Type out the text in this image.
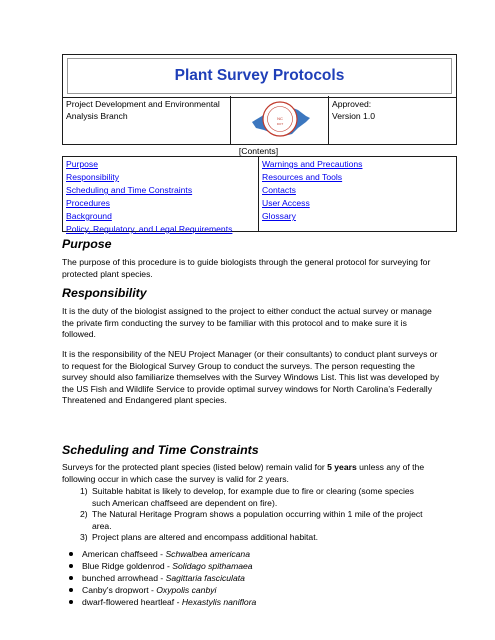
Plant Survey Protocols
Project Development and Environmental Analysis Branch	NC
DOT
Approved:
Version 1.0
[Contents]
Purpose
Responsibility
Scheduling and Time Constraints
Procedures
Background
Policy, Regulatory, and Legal Requirements
Warnings and Precautions
Resources and Tools
Contacts
User Access
Glossary
Purpose

The purpose of this procedure is to guide biologists through the general protocol for surveying for protected plant species.

Responsibility

It is the duty of the biologist assigned to the project to either conduct the actual survey or manage the private firm conducting the survey to be familiar with this protocol and to make sure it is followed.

It is the responsibility of the NEU Project Manager (or their consultants) to conduct plant surveys or to request for the Biological Survey Group to conduct the surveys. The person requesting the survey should also familiarize themselves with the Survey Windows List. This list was developed by the US Fish and Wildlife Service to provide optimal survey windows for North Carolina’s Federally Threatened and Endangered plant species.

Scheduling and Time Constraints

Surveys for the protected plant species (listed below) remain valid for 5 years unless any of the following occur in which case the survey is valid for 2 years.

1) Suitable habitat is likely to develop, for example due to fire or clearing (some species such American chaffseed are dependent on fire).
2) The Natural Heritage Program shows a population occurring within 1 mile of the project area.
3) Project plans are altered and encompass additional habitat.
American chaffseed - Schwalbea americana
Blue Ridge goldenrod - Solidago spithamaea
bunched arrowhead - Sagittaria fasciculata
Canby's dropwort - Oxypolis canbyi
dwarf-flowered heartleaf - Hexastylis naniflora
